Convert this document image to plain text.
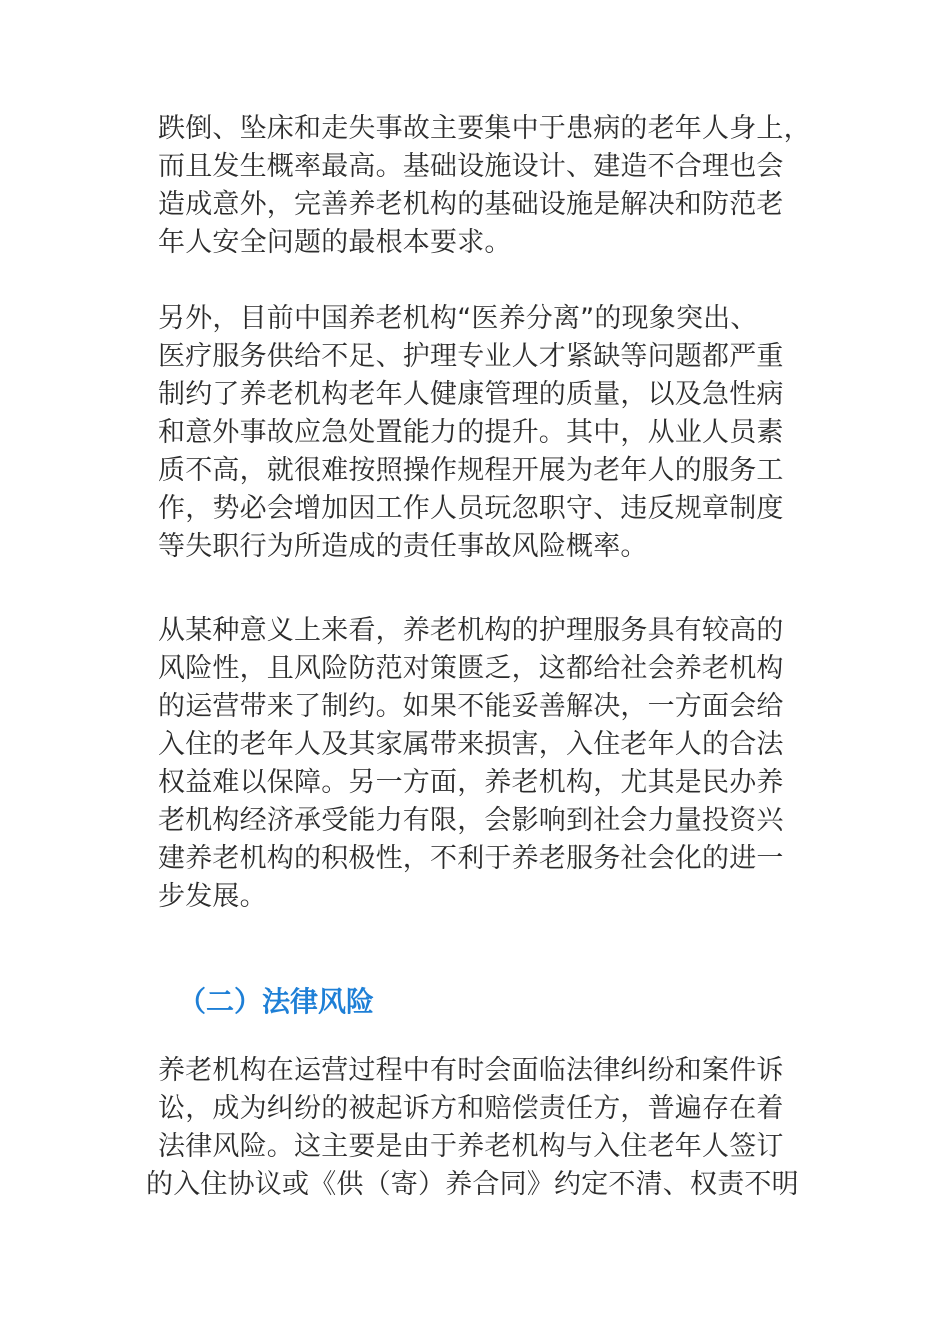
跌倒、坠床和走失事故主要集中于患病的老年人身上，
而且发生概率最高。基础设施设计、建造不合理也会
造成意外，完善养老机构的基础设施是解决和防范老
年人安全问题的最根本要求。
另外，目前中国养老机构“医养分离”的现象突出、
医疗服务供给不足、护理专业人才紧缺等问题都严重
制约了养老机构老年人健康管理的质量，以及急性病
和意外事故应急处置能力的提升。其中，从业人员素
质不高，就很难按照操作规程开展为老年人的服务工
作，势必会增加因工作人员玩忽职守、违反规章制度
等失职行为所造成的责任事故风险概率。
从某种意义上来看，养老机构的护理服务具有较高的
风险性，且风险防范对策匮乏，这都给社会养老机构
的运营带来了制约。如果不能妥善解决，一方面会给
入住的老年人及其家属带来损害，入住老年人的合法
权益难以保障。另一方面，养老机构，尤其是民办养
老机构经济承受能力有限，会影响到社会力量投资兴
建养老机构的积极性，不利于养老服务社会化的进一
步发展。
（二）法律风险
养老机构在运营过程中有时会面临法律纠纷和案件诉
讼，成为纠纷的被起诉方和赔偿责任方，普遍存在着
法律风险。这主要是由于养老机构与入住老年人签订
的入住协议或《供（寄）养合同》约定不清、权责不明
